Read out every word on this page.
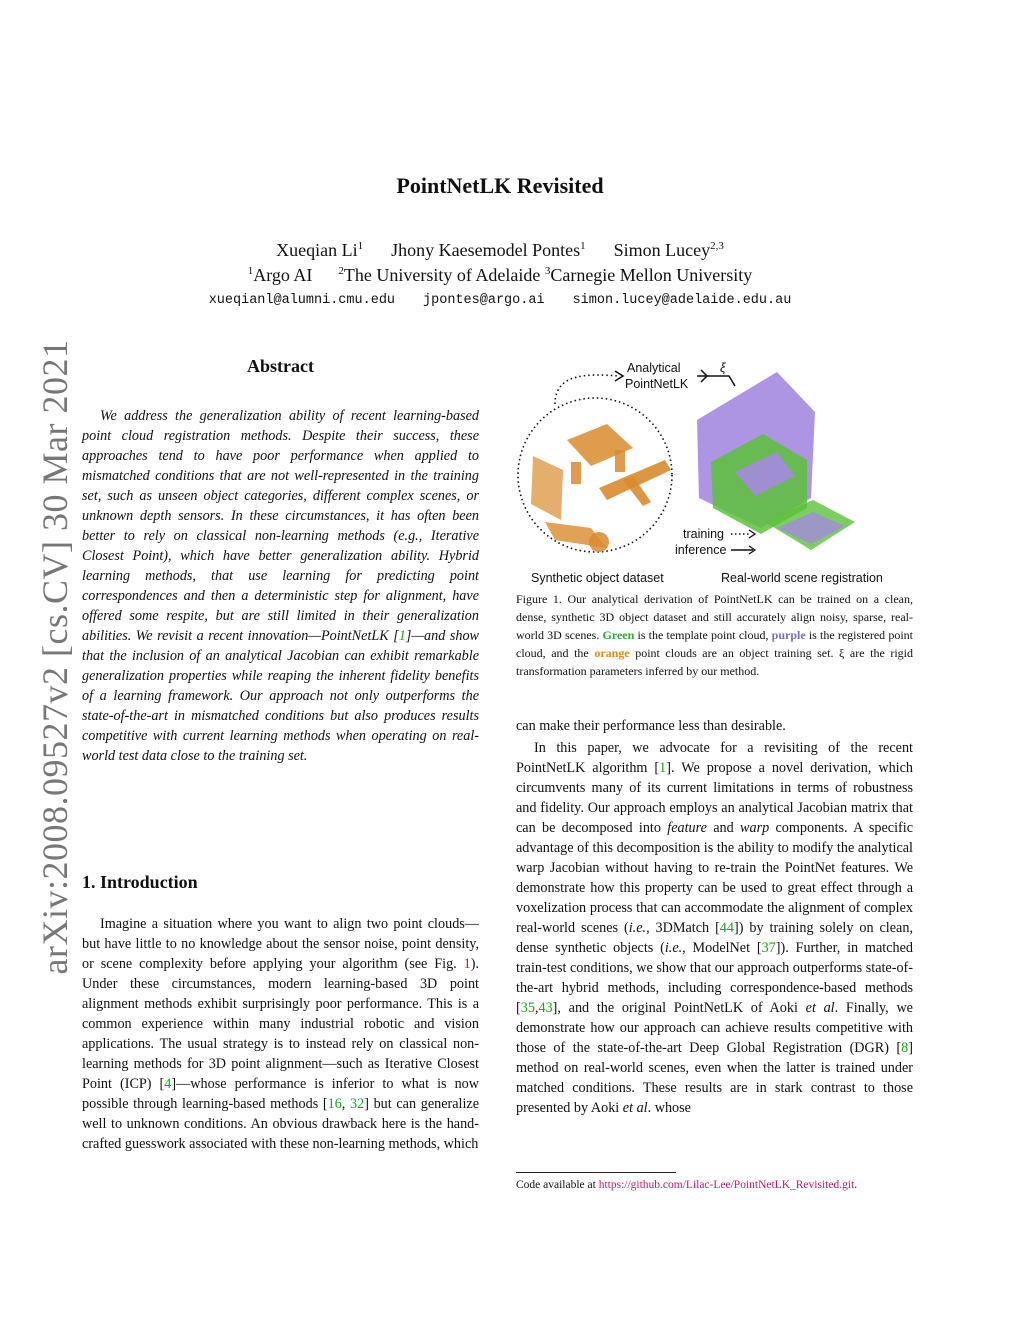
arXiv:2008.09527v2 [cs.CV] 30 Mar 2021
PointNetLK Revisited
Xueqian Li$^1$ Jhony Kaesemodel Pontes$^1$ Simon Lucey$^{2,3}$
$^1$Argo AI $^2$The University of Adelaide $^3$Carnegie Mellon University
xueqianl@alumni.cmu.edu jpontes@argo.ai simon.lucey@adelaide.edu.au
Abstract

We address the generalization ability of recent learning-based point cloud registration methods. Despite their success, these approaches tend to have poor performance when applied to mismatched conditions that are not well-represented in the training set, such as unseen object categories, different complex scenes, or unknown depth sensors. In these circumstances, it has often been better to rely on classical non-learning methods (e.g., Iterative Closest Point), which have better generalization ability. Hybrid learning methods, that use learning for predicting point correspondences and then a deterministic step for alignment, have offered some respite, but are still limited in their generalization abilities. We revisit a recent innovation—PointNetLK [1]—and show that the inclusion of an analytical Jacobian can exhibit remarkable generalization properties while reaping the inherent fidelity benefits of a learning framework. Our approach not only outperforms the state-of-the-art in mismatched conditions but also produces results competitive with current learning methods when operating on real-world test data close to the training set.

1. Introduction

Imagine a situation where you want to align two point clouds—but have little to no knowledge about the sensor noise, point density, or scene complexity before applying your algorithm (see Fig. 1). Under these circumstances, modern learning-based 3D point alignment methods exhibit surprisingly poor performance. This is a common experience within many industrial robotic and vision applications. The usual strategy is to instead rely on classical non-learning methods for 3D point alignment—such as Iterative Closest Point (ICP) [4]—whose performance is inferior to what is now possible through learning-based methods [16, 32] but can generalize well to unknown conditions. An obvious drawback here is the hand-crafted guesswork associated with these non-learning methods, which

Analytical
PointNetLK
ξ
training
inference
Synthetic object dataset	Real-world scene registration

Figure 1. Our analytical derivation of PointNetLK can be trained on a clean, dense, synthetic 3D object dataset and still accurately align noisy, sparse, real-world 3D scenes. Green is the template point cloud, purple is the registered point cloud, and the orange point clouds are an object training set. ξ are the rigid transformation parameters inferred by our method.

can make their performance less than desirable.

In this paper, we advocate for a revisiting of the recent PointNetLK algorithm [1]. We propose a novel derivation, which circumvents many of its current limitations in terms of robustness and fidelity. Our approach employs an analytical Jacobian matrix that can be decomposed into feature and warp components. A specific advantage of this decomposition is the ability to modify the analytical warp Jacobian without having to re-train the PointNet features. We demonstrate how this property can be used to great effect through a voxelization process that can accommodate the alignment of complex real-world scenes (i.e., 3DMatch [44]) by training solely on clean, dense synthetic objects (i.e., ModelNet [37]). Further, in matched train-test conditions, we show that our approach outperforms state-of-the-art hybrid methods, including correspondence-based methods [35,43], and the original PointNetLK of Aoki et al. Finally, we demonstrate how our approach can achieve results competitive with those of the state-of-the-art Deep Global Registration (DGR) [8] method on real-world scenes, even when the latter is trained under matched conditions. These results are in stark contrast to those presented by Aoki et al. whose

Code available at https://github.com/Lilac-Lee/PointNetLK_Revisited.git.
